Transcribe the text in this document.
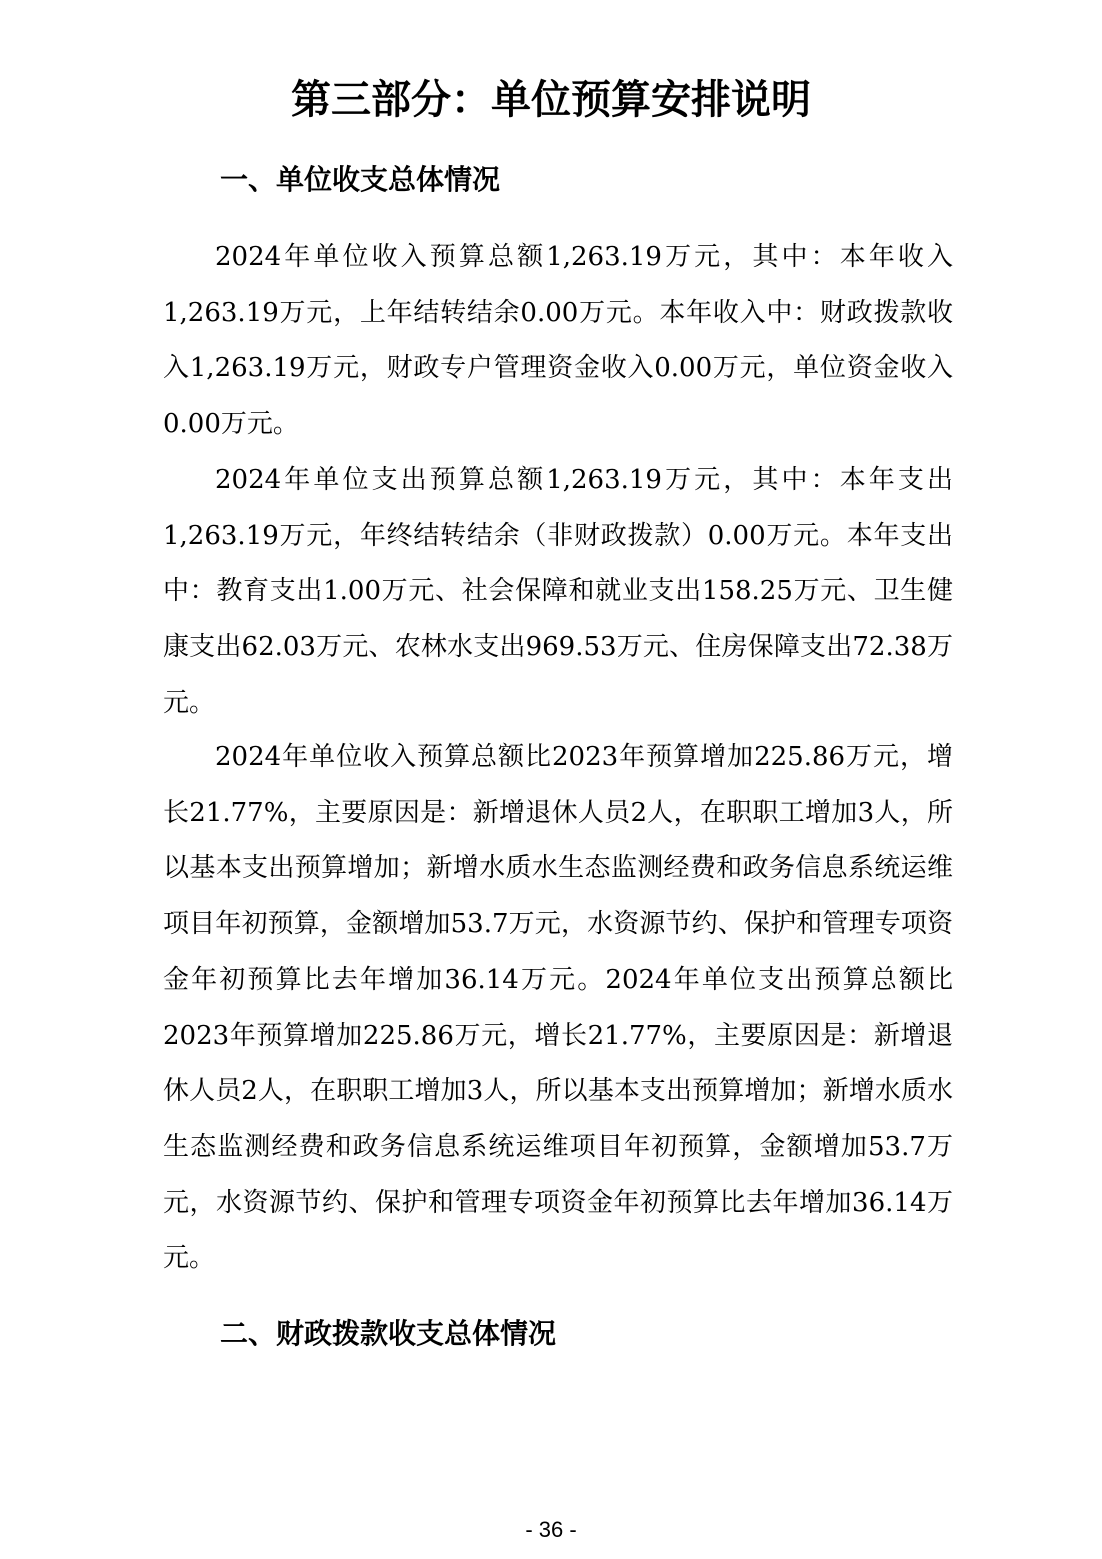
第三部分：单位预算安排说明
一、单位收支总体情况

2024年单位收入预算总额1,263.19万元，其中：本年收入1,263.19万元，上年结转结余0.00万元。本年收入中：财政拨款收入1,263.19万元，财政专户管理资金收入0.00万元，单位资金收入0.00万元。

2024年单位支出预算总额1,263.19万元，其中：本年支出1,263.19万元，年终结转结余（非财政拨款）0.00万元。本年支出中：教育支出1.00万元、社会保障和就业支出158.25万元、卫生健康支出62.03万元、农林水支出969.53万元、住房保障支出72.38万元。

2024年单位收入预算总额比2023年预算增加225.86万元，增长21.77%，主要原因是：新增退休人员2人，在职职工增加3人，所以基本支出预算增加；新增水质水生态监测经费和政务信息系统运维项目年初预算，金额增加53.7万元，水资源节约、保护和管理专项资金年初预算比去年增加36.14万元。2024年单位支出预算总额比2023年预算增加225.86万元，增长21.77%，主要原因是：新增退休人员2人，在职职工增加3人，所以基本支出预算增加；新增水质水生态监测经费和政务信息系统运维项目年初预算，金额增加53.7万元，水资源节约、保护和管理专项资金年初预算比去年增加36.14万元。

二、财政拨款收支总体情况
- 36 -
